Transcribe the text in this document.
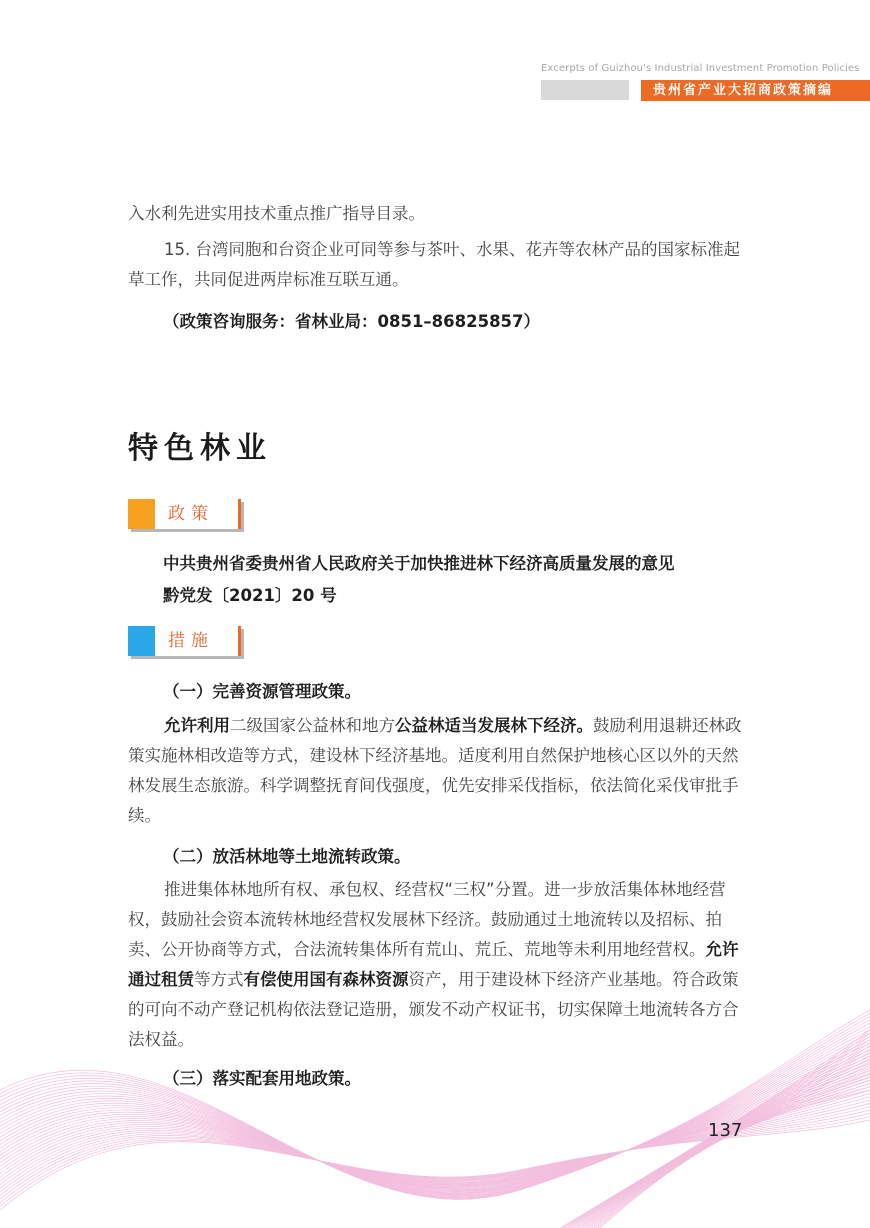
Excerpts of Guizhou's Industrial Investment Promotion Policies
贵州省产业大招商政策摘编
入水利先进实用技术重点推广指导目录。
15. 台湾同胞和台资企业可同等参与茶叶、水果、花卉等农林产品的国家标准起草工作，共同促进两岸标准互联互通。
（政策咨询服务：省林业局：0851–86825857）
特色林业
政策
中共贵州省委贵州省人民政府关于加快推进林下经济高质量发展的意见
黔党发〔2021〕20 号
措施
（一）完善资源管理政策。
允许利用二级国家公益林和地方公益林适当发展林下经济。鼓励利用退耕还林政策实施林相改造等方式，建设林下经济基地。适度利用自然保护地核心区以外的天然林发展生态旅游。科学调整抚育间伐强度，优先安排采伐指标，依法简化采伐审批手续。
（二）放活林地等土地流转政策。
推进集体林地所有权、承包权、经营权“三权”分置。进一步放活集体林地经营权，鼓励社会资本流转林地经营权发展林下经济。鼓励通过土地流转以及招标、拍卖、公开协商等方式，合法流转集体所有荒山、荒丘、荒地等未利用地经营权。允许通过租赁等方式有偿使用国有森林资源资产，用于建设林下经济产业基地。符合政策的可向不动产登记机构依法登记造册，颁发不动产权证书，切实保障土地流转各方合法权益。
（三）落实配套用地政策。
137
